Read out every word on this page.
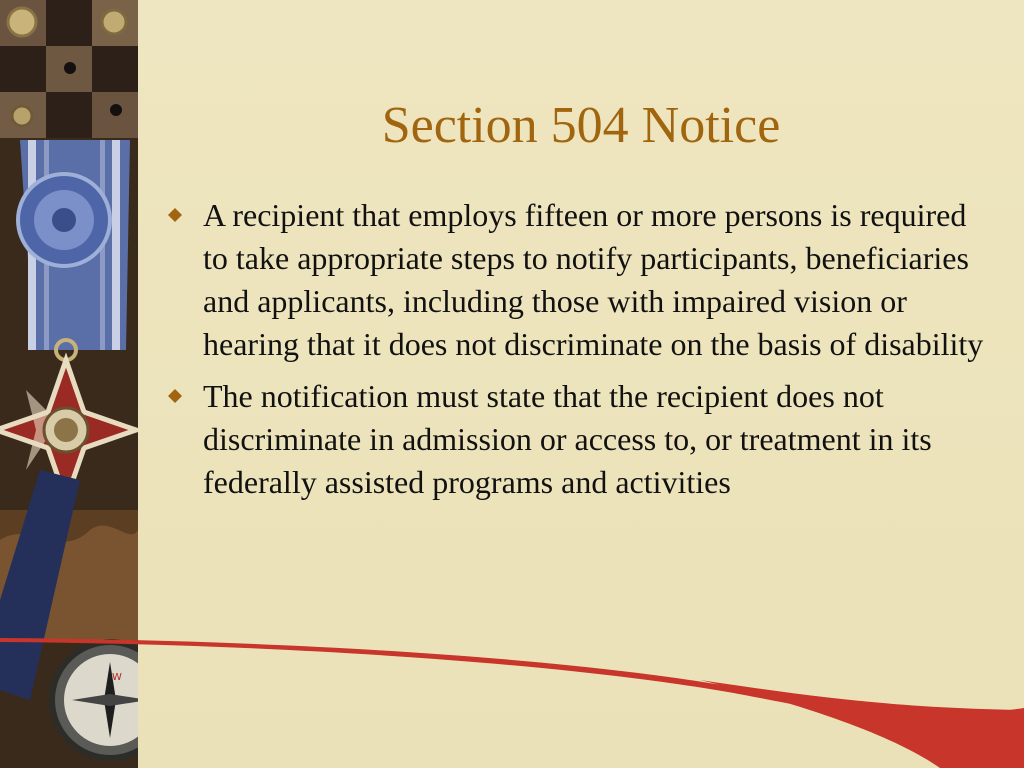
W
Section 504 Notice
A recipient that employs fifteen or more persons is required to take appropriate steps to notify participants, beneficiaries and applicants, including those with impaired vision or hearing that it does not discriminate on the basis of disability
The notification must state that the recipient does not discriminate in admission or access to, or treatment in its federally assisted programs and activities
